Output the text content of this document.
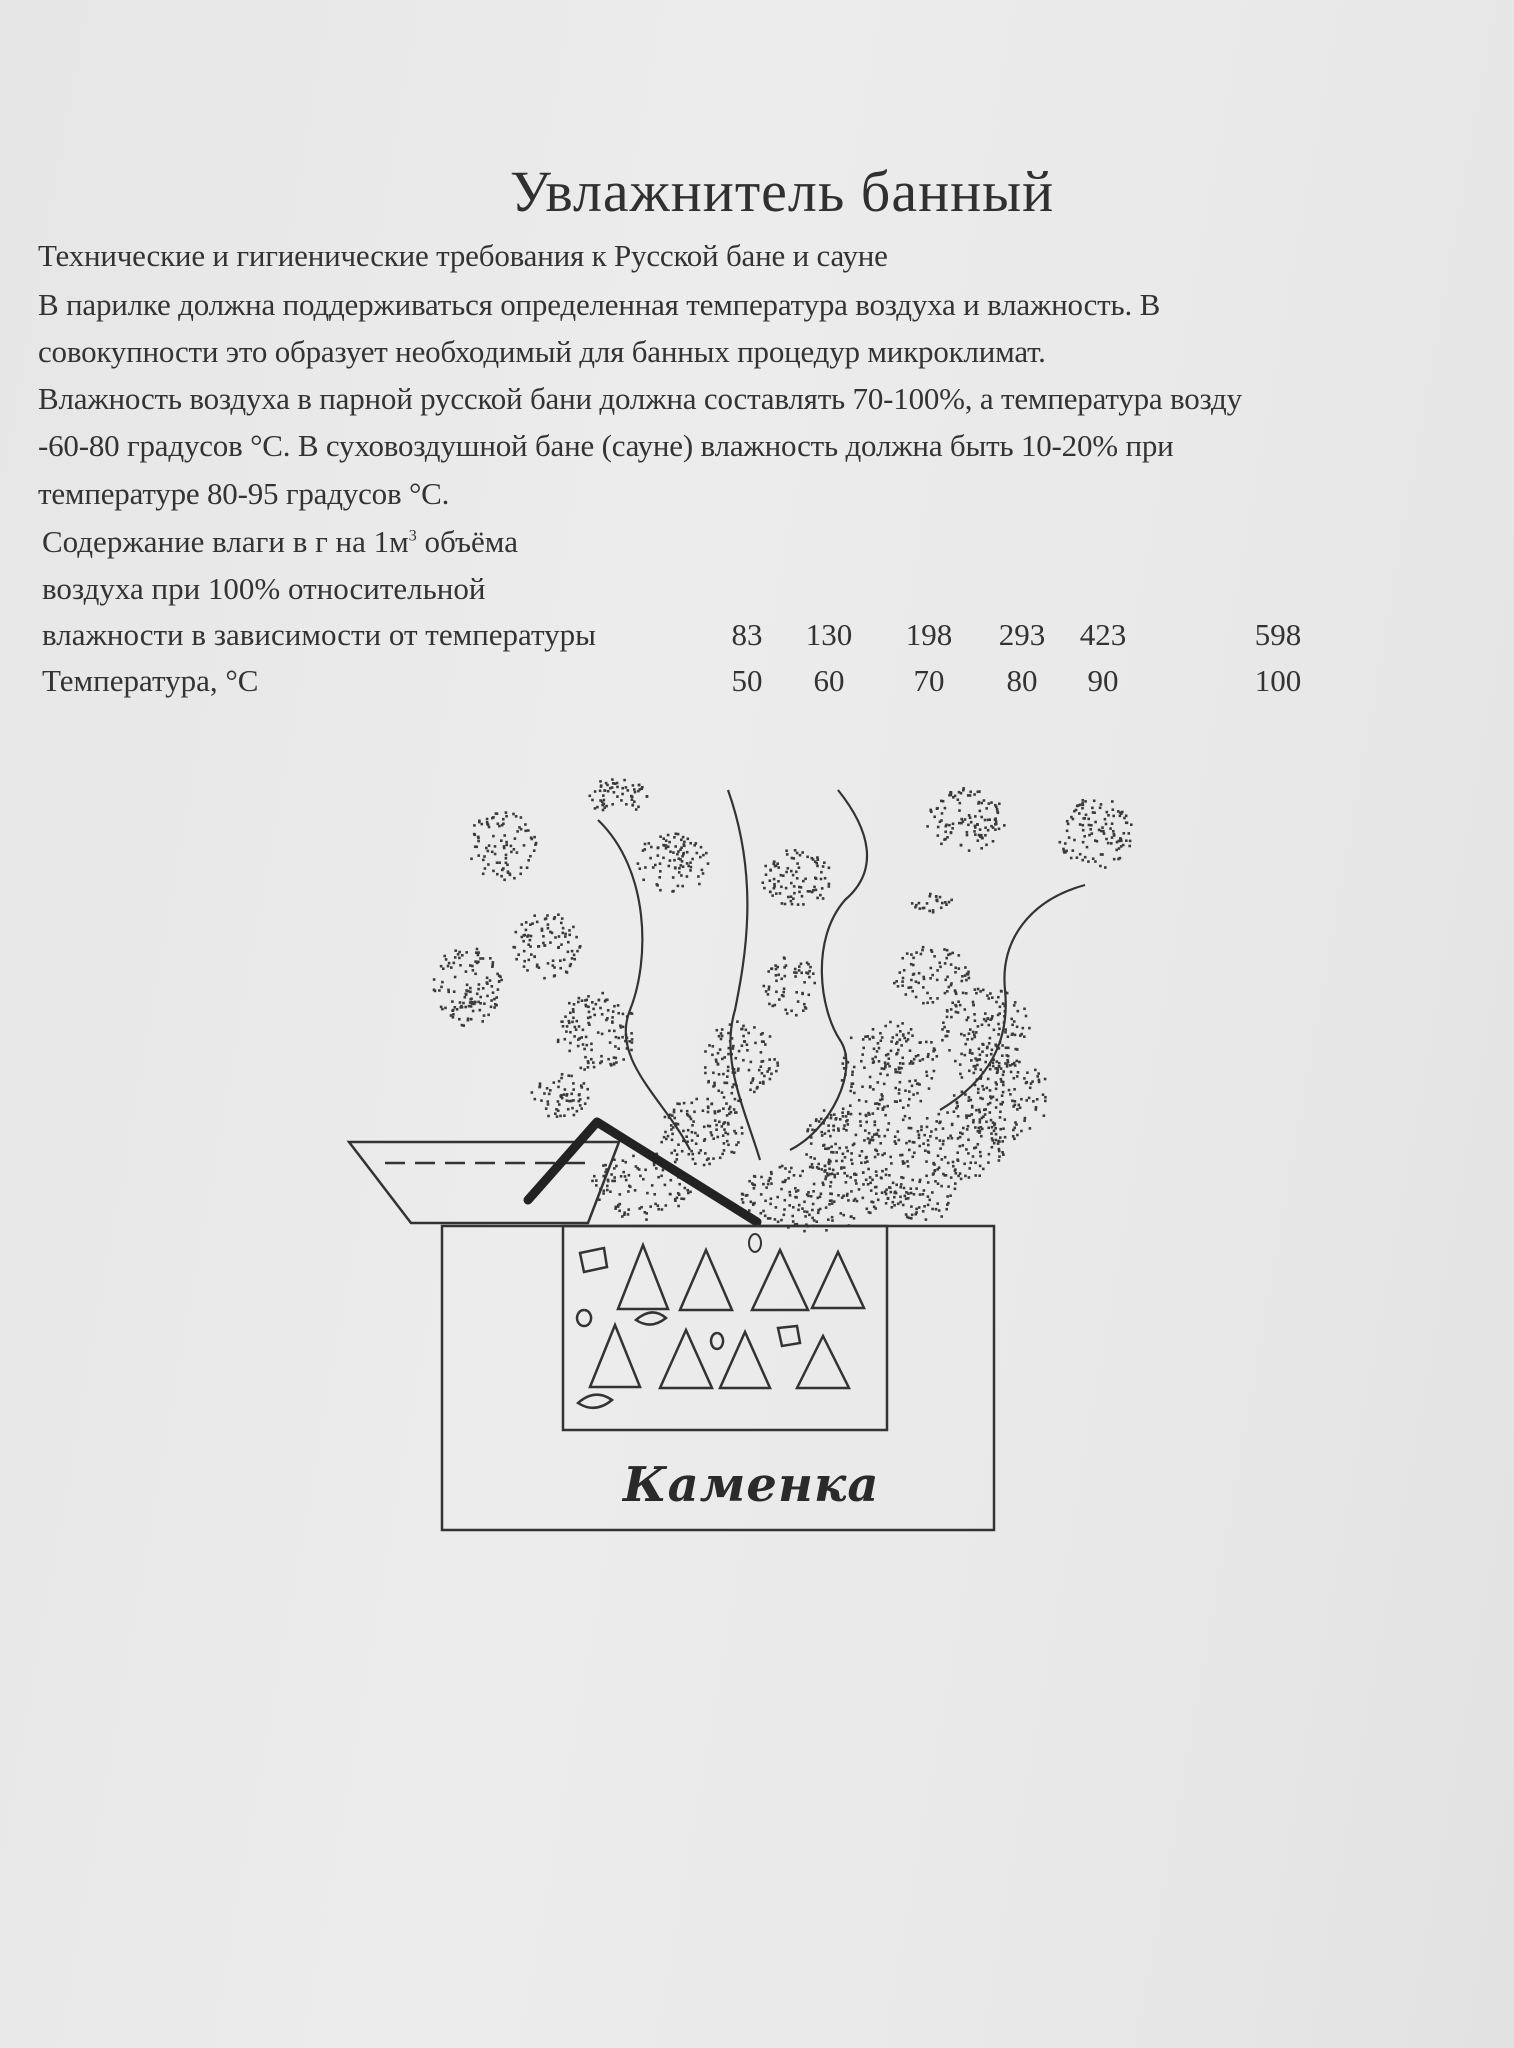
Увлажнитель банный
Технические и гигиенические требования к Русской бане и сауне
В парилке должна поддерживаться определенная температура воздуха и влажность. В
совокупности это образует необходимый для банных процедур микроклимат.
Влажность воздуха в парной русской бани должна составлять 70-100%, а температура возду
-60-80 градусов °С. В суховоздушной бане (сауне) влажность должна быть 10-20% при
температуре 80-95 градусов °С.
Содержание влаги в г на $1м^3$ объёма
воздуха при 100% относительной
влажности в зависимости от температуры	83	130	198	293	423	598
Температура, °С	50	60	70	80	90	100
Каменка
